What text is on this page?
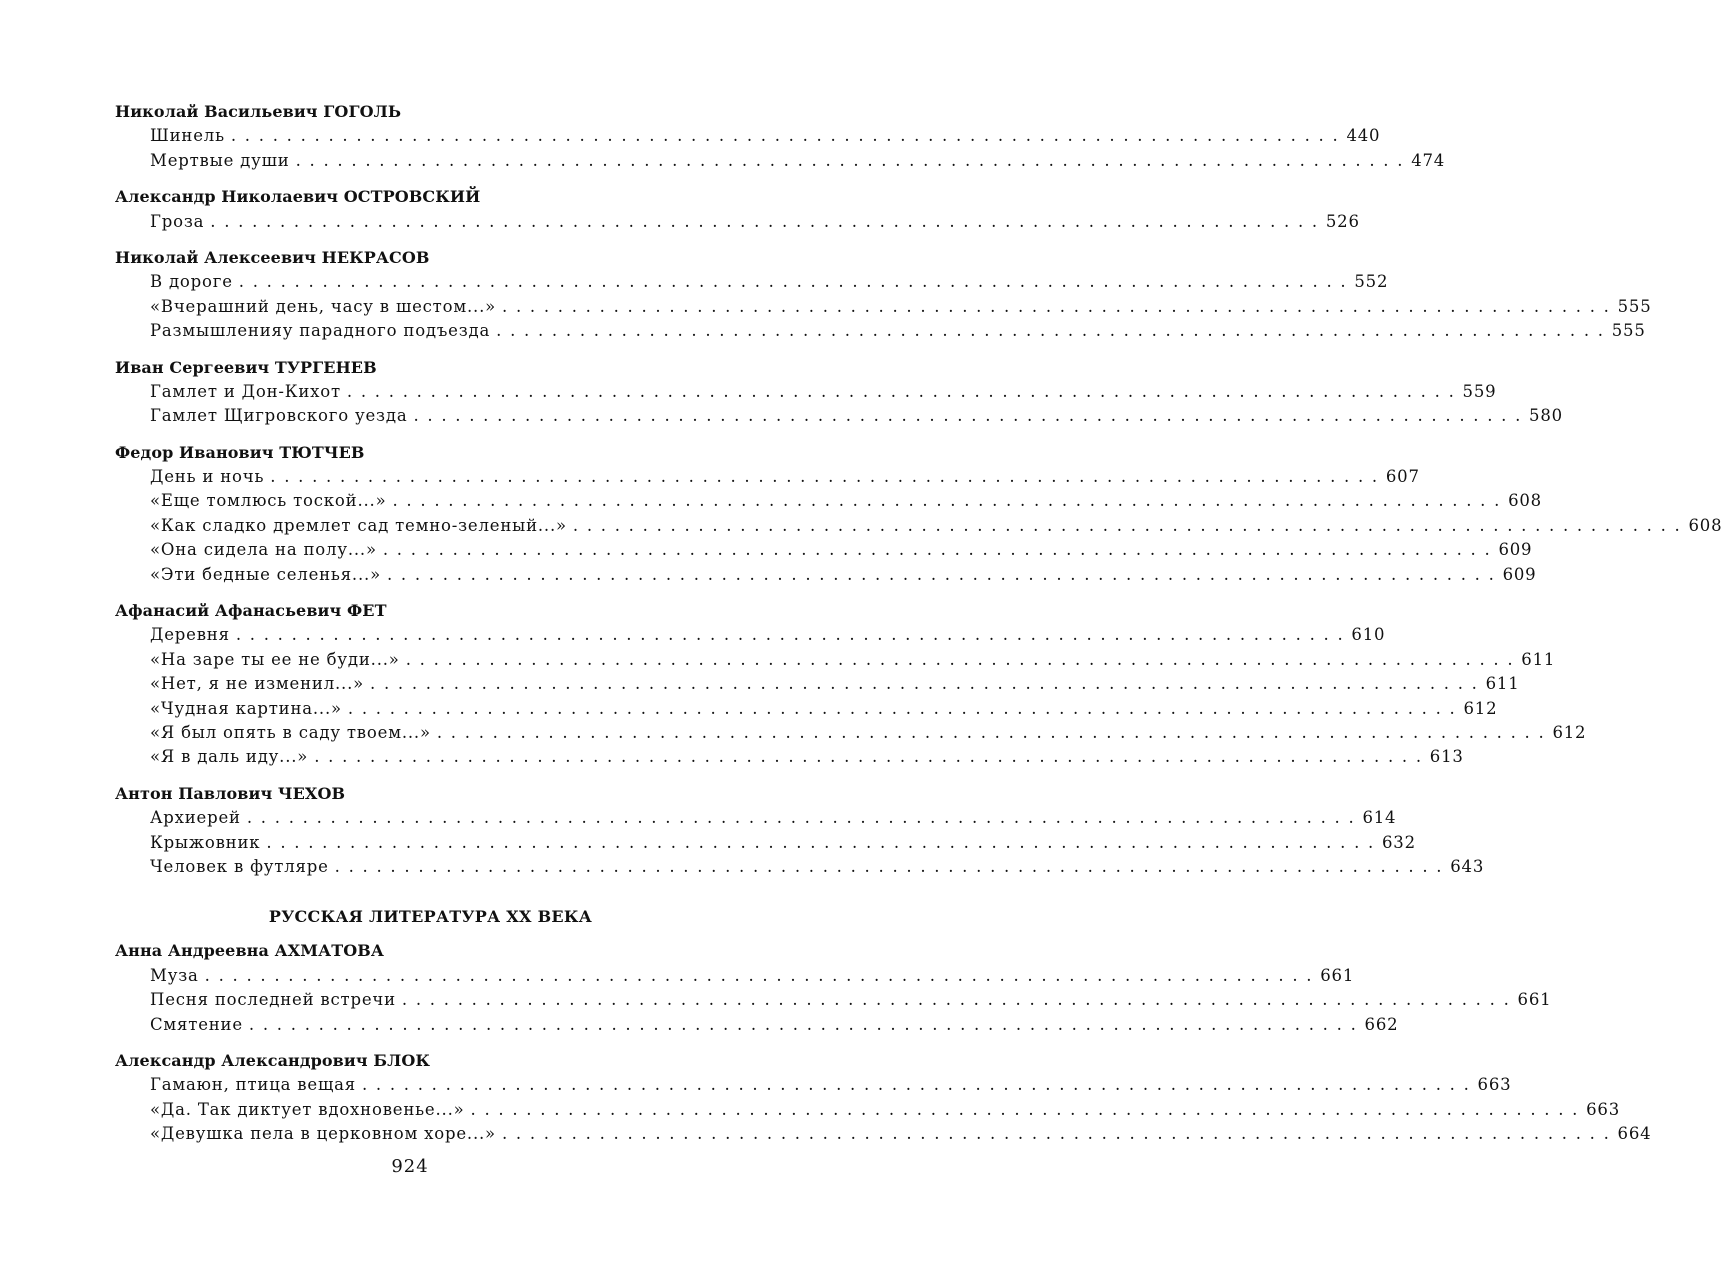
Николай Васильевич ГОГОЛЬ
Шинель ................................................................................ 440
Мертвые души ................................................................................ 474
Александр Николаевич ОСТРОВСКИЙ
Гроза ................................................................................ 526
Николай Алексеевич НЕКРАСОВ
В дороге ................................................................................ 552
«Вчерашний день, часу в шестом...» ................................................................................ 555
Размышленияу парадного подъезда ................................................................................ 555
Иван Сергеевич ТУРГЕНЕВ
Гамлет и Дон-Кихот ................................................................................ 559
Гамлет Щигровского уезда ................................................................................ 580
Федор Иванович ТЮТЧЕВ
День и ночь ................................................................................ 607
«Еще томлюсь тоской...» ................................................................................ 608
«Как сладко дремлет сад темно-зеленый...» ................................................................................ 608
«Она сидела на полу...» ................................................................................ 609
«Эти бедные селенья...» ................................................................................ 609
Афанасий Афанасьевич ФЕТ
Деревня ................................................................................ 610
«На заре ты ее не буди...» ................................................................................ 611
«Нет, я не изменил...» ................................................................................ 611
«Чудная картина...» ................................................................................ 612
«Я был опять в саду твоем...» ................................................................................ 612
«Я в даль иду...» ................................................................................ 613
Антон Павлович ЧЕХОВ
Архиерей ................................................................................ 614
Крыжовник ................................................................................ 632
Человек в футляре ................................................................................ 643
РУССКАЯ ЛИТЕРАТУРА XX ВЕКА
Анна Андреевна АХМАТОВА
Муза ................................................................................ 661
Песня последней встречи ................................................................................ 661
Смятение ................................................................................ 662
Александр Александрович БЛОК
Гамаюн, птица вещая ................................................................................ 663
«Да. Так диктует вдохновенье...» ................................................................................ 663
«Девушка пела в церковном хоре...» ................................................................................ 664
924
